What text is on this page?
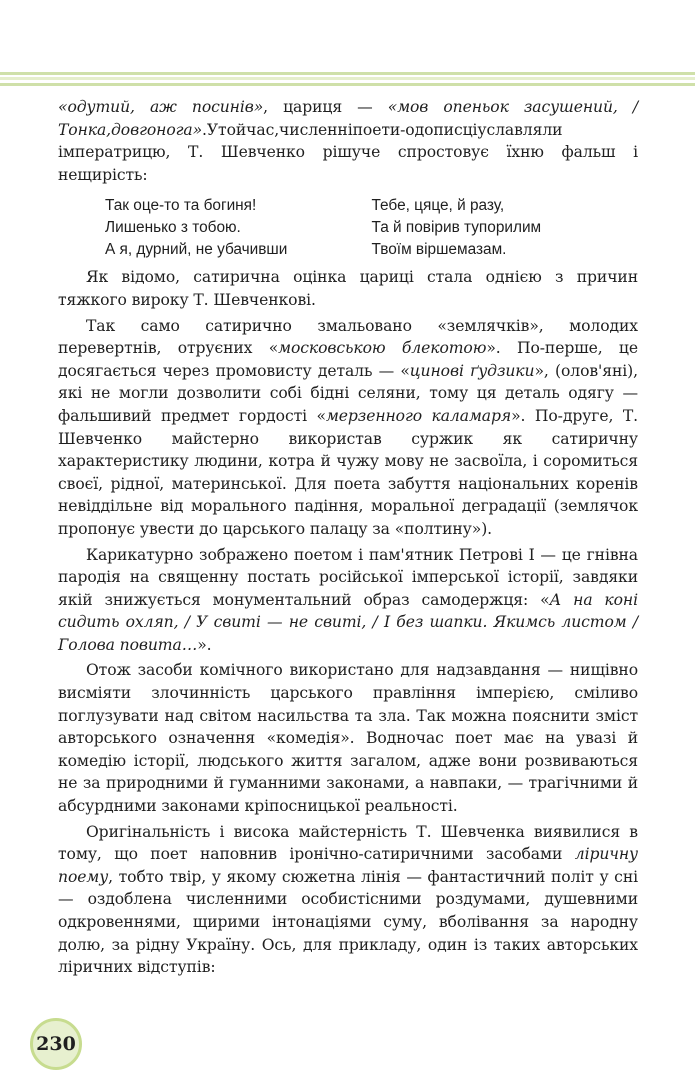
«одутий, аж посинів», цариця — «мов опеньок засушений, / Тонка,довгонога».Утойчас,численніпоети-одописціуславляли імператрицю, Т. Шевченко рішуче спростовує їхню фальш і нещирість:

Так оце-то та богиня!
Лишенько з тобою.
А я, дурний, не убачивши
Тебе, цяце, й разу,
Та й повірив тупорилим
Твоїм віршемазам.

Як відомо, сатирична оцінка цариці стала однією з причин тяжкого вироку Т. Шевченкові.

Так само сатирично змальовано «землячків», молодих перевертнів, отруєних «московською блекотою». По-перше, це досягається через промовисту деталь — «цинові ґудзики», (олов'яні), які не могли дозволити собі бідні селяни, тому ця деталь одягу — фальшивий предмет гордості «мерзенного каламаря». По-друге, Т. Шевченко майстерно використав суржик як сатиричну характеристику людини, котра й чужу мову не засвоїла, і соромиться своєї, рідної, материнської. Для поета забуття національних коренів невіддільне від морального падіння, моральної деградації (землячок пропонує увести до царського палацу за «полтину»).

Карикатурно зображено поетом і пам'ятник Петрові І — це гнівна пародія на священну постать російської імперської історії, завдяки якій знижується монументальний образ самодержця: «А на коні сидить охляп, / У свиті — не свиті, / І без шапки. Якимсь листом / Голова повита…».

Отож засоби комічного використано для надзавдання — нищівно висміяти злочинність царського правління імперією, сміливо поглузувати над світом насильства та зла. Так можна пояснити зміст авторського означення «комедія». Водночас поет має на увазі й комедію історії, людського життя загалом, адже вони розвиваються не за природними й гуманними законами, а навпаки, — трагічними й абсурдними законами кріпосницької реальності.

Оригінальність і висока майстерність Т. Шевченка виявилися в тому, що поет наповнив іронічно-сатиричними засобами ліричну поему, тобто твір, у якому сюжетна лінія — фантастичний політ у сні — оздоблена численними особистісними роздумами, душевними одкровеннями, щирими інтонаціями суму, вболівання за народну долю, за рідну Україну. Ось, для прикладу, один із таких авторських ліричних відступів:

230
